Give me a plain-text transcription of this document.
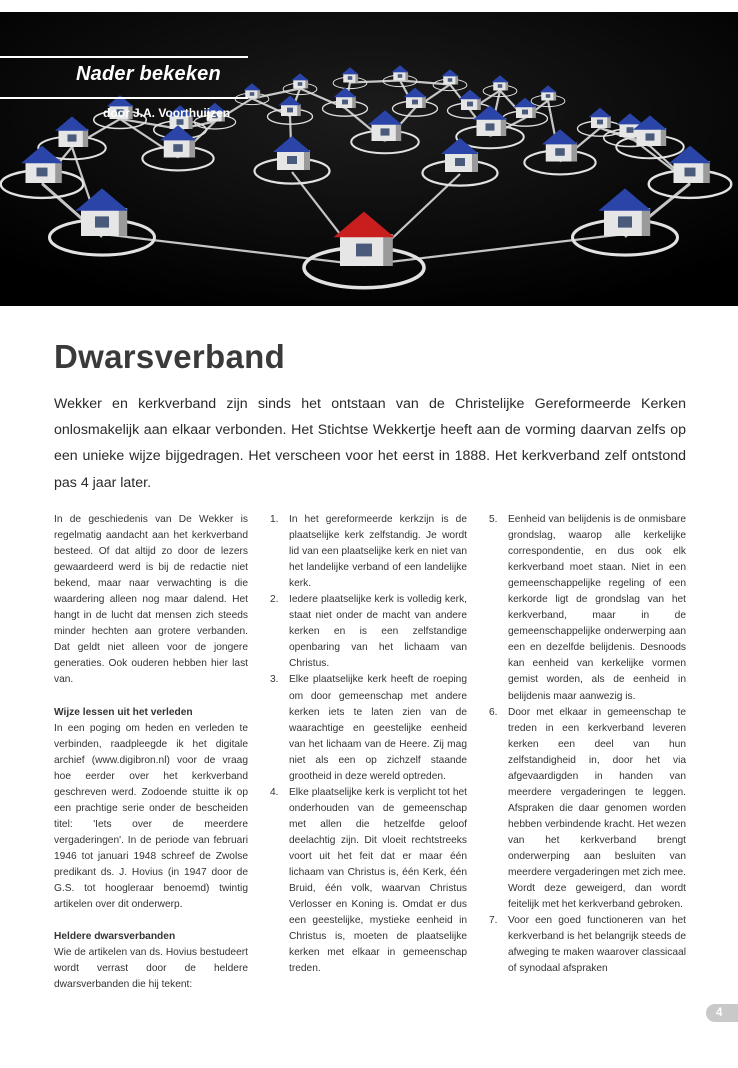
Nader bekeken
door J.A. Voorthuijzen
Dwarsverband

Wekker en kerkverband zijn sinds het ontstaan van de Christelijke Gereformeerde Kerken onlosmakelijk aan elkaar verbonden. Het Stichtse Wekkertje heeft aan de vorming daarvan zelfs op een unieke wijze bijgedragen. Het verscheen voor het eerst in 1888. Het kerkverband zelf ontstond pas 4 jaar later.

In de geschiedenis van De Wekker is regelmatig aandacht aan het kerkverband besteed. Of dat altijd zo door de lezers gewaardeerd werd is bij de redactie niet bekend, maar naar verwachting is die waardering alleen nog maar dalend. Het hangt in de lucht dat mensen zich steeds minder hechten aan grotere verbanden. Dat geldt niet alleen voor de jongere generaties. Ook ouderen hebben hier last van.

Wijze lessen uit het verleden

In een poging om heden en verleden te verbinden, raadpleegde ik het digitale archief (www.digibron.nl) voor de vraag hoe eerder over het kerkverband geschreven werd. Zodoende stuitte ik op een prachtige serie onder de bescheiden titel: 'Iets over de meerdere vergaderingen'. In de periode van februari 1946 tot januari 1948 schreef de Zwolse predikant ds. J. Hovius (in 1947 door de G.S. tot hoogleraar benoemd) twintig artikelen over dit onderwerp.

Heldere dwarsverbanden

Wie de artikelen van ds. Hovius bestudeert wordt verrast door de heldere dwarsverbanden die hij tekent:

1.	In het gereformeerde kerkzijn is de plaatselijke kerk zelfstandig. Je wordt lid van een plaatselijke kerk en niet van het landelijke verband of een landelijke kerk.
2.	Iedere plaatselijke kerk is volledig kerk, staat niet onder de macht van andere kerken en is een zelfstandige openbaring van het lichaam van Christus.
3.	Elke plaatselijke kerk heeft de roeping om door gemeenschap met andere kerken iets te laten zien van de waarachtige en geestelijke eenheid van het lichaam van de Heere. Zij mag niet als een op zichzelf staande grootheid in deze wereld optreden.
4.	Elke plaatselijke kerk is verplicht tot het onderhouden van de gemeenschap met allen die hetzelfde geloof deelachtig zijn. Dit vloeit rechtstreeks voort uit het feit dat er maar één lichaam van Christus is, één Kerk, één Bruid, één volk, waarvan Christus Verlosser en Koning is. Omdat er dus een geestelijke, mystieke eenheid in Christus is, moeten de plaatselijke kerken met elkaar in gemeenschap treden.
5.	Eenheid van belijdenis is de onmisbare grondslag, waarop alle kerkelijke correspondentie, en dus ook elk kerkverband moet staan. Niet in een gemeenschappelijke regeling of een kerkorde ligt de grondslag van het kerkverband, maar in de gemeenschappelijke onderwerping aan een en dezelfde belijdenis. Desnoods kan eenheid van kerkelijke vormen gemist worden, als de eenheid in belijdenis maar aanwezig is.
6.	Door met elkaar in gemeenschap te treden in een kerkverband leveren kerken een deel van hun zelfstandigheid in, door het via afgevaardigden in handen van meerdere vergaderingen te leggen. Afspraken die daar genomen worden hebben verbindende kracht. Het wezen van het kerkverband brengt onderwerping aan besluiten van meerdere vergaderingen met zich mee. Wordt deze geweigerd, dan wordt feitelijk met het kerkverband gebroken.
7.	Voor een goed functioneren van het kerkverband is het belangrijk steeds de afweging te maken waarover classicaal of synodaal afspraken
4
